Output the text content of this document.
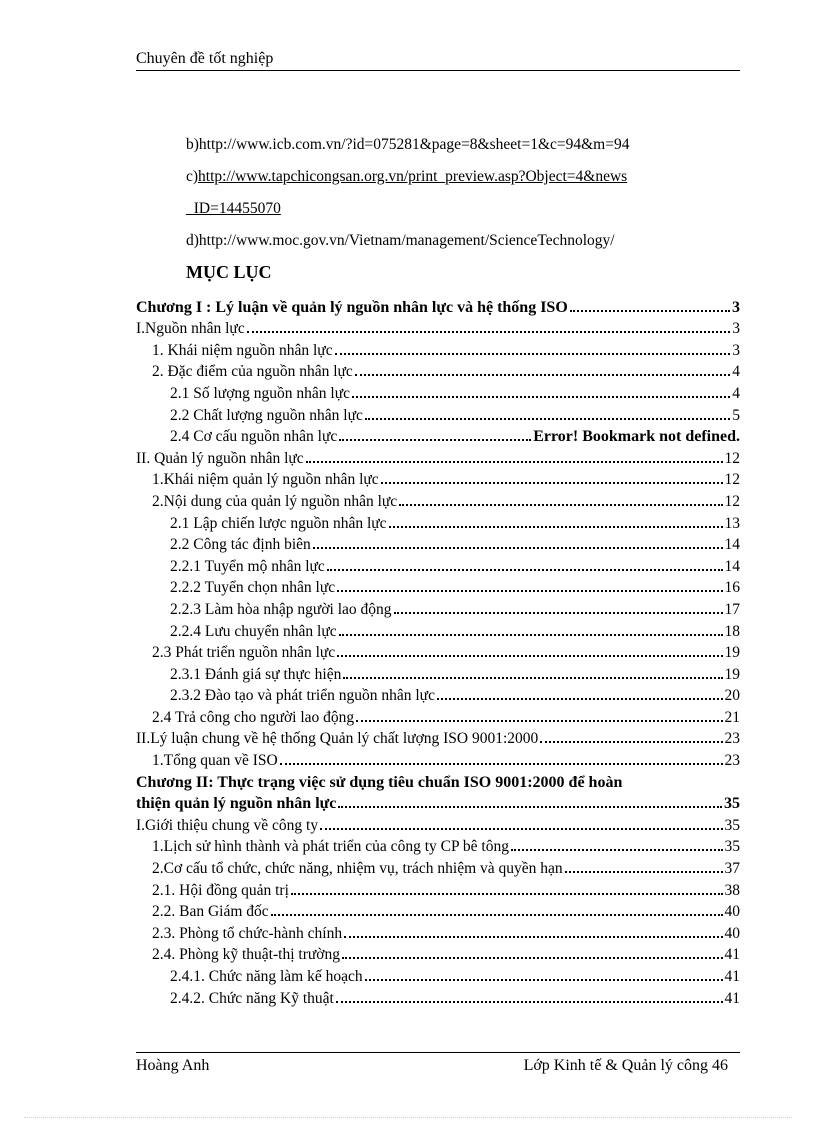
Chuyên đề tốt nghiệp
b)http://www.icb.com.vn/?id=075281&page=8&sheet=1&c=94&m=94
c)http://www.tapchicongsan.org.vn/print_preview.asp?Object=4&news
_ID=14455070
d)http://www.moc.gov.vn/Vietnam/management/ScienceTechnology/
MỤC LỤC
Chương I : Lý luận về quản lý nguồn nhân lực và hệ thống ISO	3
I.Nguồn nhân lực	3
1. Khái niệm nguồn nhân lực	3
2. Đặc điểm của nguồn nhân lực	4
2.1 Số lượng nguồn nhân lực	4
2.2 Chất lượng nguồn nhân lực	5
2.4 Cơ cấu nguồn nhân lực	Error! Bookmark not defined.
II. Quản lý nguồn nhân lực	12
1.Khái niệm quản lý nguồn nhân lực	12
2.Nội dung của quản lý nguồn nhân lực	12
2.1 Lập chiến lược nguồn nhân lực	13
2.2 Công tác định biên	14
2.2.1 Tuyển mộ nhân lực	14
2.2.2 Tuyển chọn nhân lực	16
2.2.3 Làm hòa nhập người lao động	17
2.2.4 Lưu chuyển nhân lực	18
2.3 Phát triển nguồn nhân lực	19
2.3.1 Đánh giá sự thực hiện	19
2.3.2 Đào tạo và phát triển nguồn nhân lực	20
2.4 Trả công cho người lao động	21
II.Lý luận chung về hệ thống Quản lý chất lượng ISO 9001:2000	23
1.Tổng quan về ISO	23
Chương II: Thực trạng việc sử dụng tiêu chuẩn ISO 9001:2000 để hoàn
thiện quản lý nguồn nhân lực	35
I.Giới thiệu chung về công ty	35
1.Lịch sử hình thành và phát triển của công ty CP bê tông	35
2.Cơ cấu tổ chức, chức năng, nhiệm vụ, trách nhiệm và quyền hạn	37
2.1. Hội đồng quản trị	38
2.2. Ban Giám đốc	40
2.3. Phòng tổ chức-hành chính	40
2.4. Phòng kỹ thuật-thị trường	41
2.4.1. Chức năng làm kế hoạch	41
2.4.2. Chức năng Kỹ thuật	41
Hoàng Anh	Lớp Kinh tế & Quản lý công 46
